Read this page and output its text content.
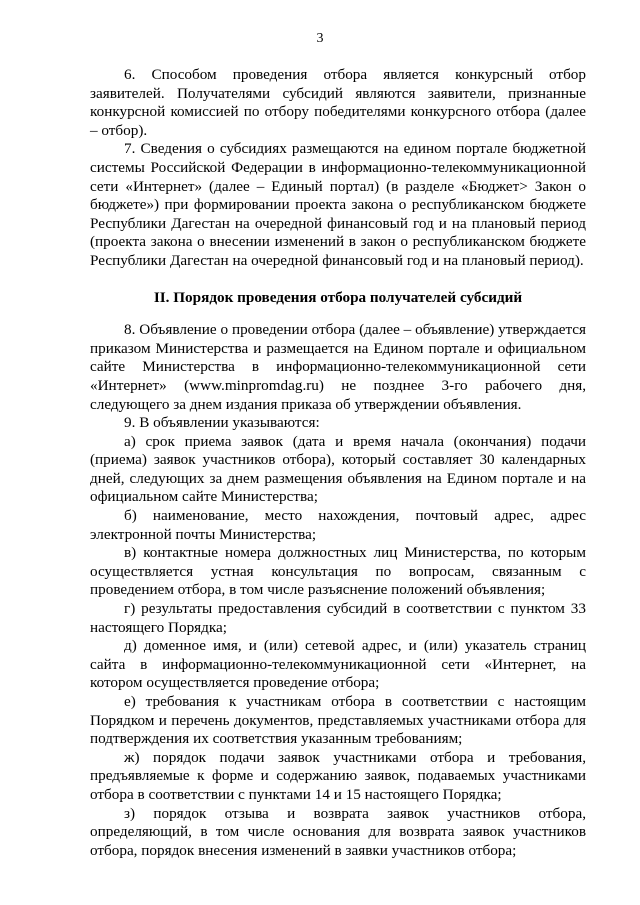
3

6. Способом проведения отбора является конкурсный отбор заявителей. Получателями субсидий являются заявители, признанные конкурсной комиссией по отбору победителями конкурсного отбора (далее – отбор).

7. Сведения о субсидиях размещаются на едином портале бюджетной системы Российской Федерации в информационно-телекоммуникационной сети «Интернет» (далее – Единый портал) (в разделе «Бюджет> Закон о бюджете») при формировании проекта закона о республиканском бюджете Республики Дагестан на очередной финансовый год и на плановый период (проекта закона о внесении изменений в закон о республиканском бюджете Республики Дагестан на очередной финансовый год и на плановый период).

II. Порядок проведения отбора получателей субсидий

8. Объявление о проведении отбора (далее – объявление) утверждается приказом Министерства и размещается на Едином портале и официальном сайте Министерства в информационно-телекоммуникационной сети «Интернет» (www.minpromdag.ru) не позднее 3-го рабочего дня, следующего за днем издания приказа об утверждении объявления.

9. В объявлении указываются:

а) срок приема заявок (дата и время начала (окончания) подачи (приема) заявок участников отбора), который составляет 30 календарных дней, следующих за днем размещения объявления на Едином портале и на официальном сайте Министерства;

б) наименование, место нахождения, почтовый адрес, адрес электронной почты Министерства;

в) контактные номера должностных лиц Министерства, по которым осуществляется устная консультация по вопросам, связанным с проведением отбора, в том числе разъяснение положений объявления;

г) результаты предоставления субсидий в соответствии с пунктом 33 настоящего Порядка;

д) доменное имя, и (или) сетевой адрес, и (или) указатель страниц сайта в информационно-телекоммуникационной сети «Интернет, на котором осуществляется проведение отбора;

е) требования к участникам отбора в соответствии с настоящим Порядком и перечень документов, представляемых участниками отбора для подтверждения их соответствия указанным требованиям;

ж) порядок подачи заявок участниками отбора и требования, предъявляемые к форме и содержанию заявок, подаваемых участниками отбора в соответствии с пунктами 14 и 15 настоящего Порядка;

з) порядок отзыва и возврата заявок участников отбора, определяющий, в том числе основания для возврата заявок участников отбора, порядок внесения изменений в заявки участников отбора;
